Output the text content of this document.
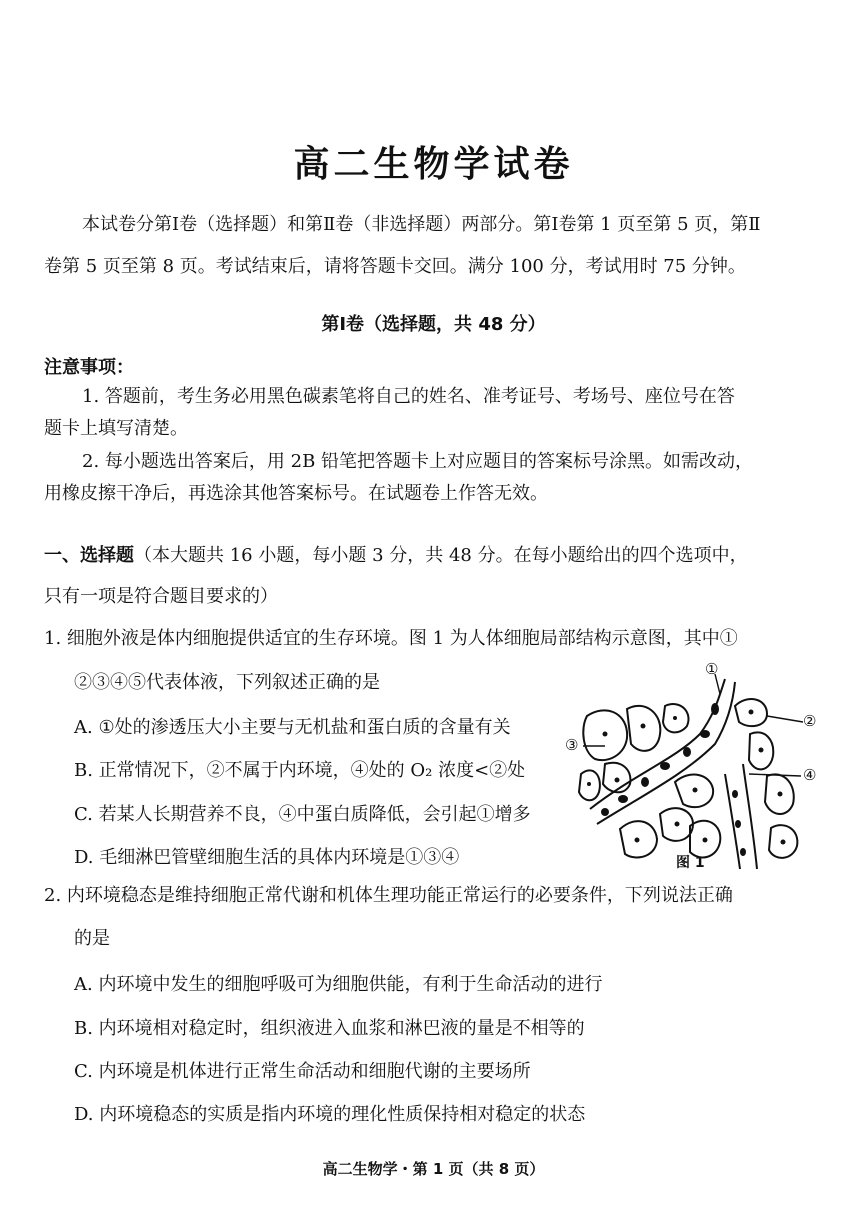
高二生物学试卷
本试卷分第Ⅰ卷（选择题）和第Ⅱ卷（非选择题）两部分。第Ⅰ卷第 1 页至第 5 页，第Ⅱ
卷第 5 页至第 8 页。考试结束后，请将答题卡交回。满分 100 分，考试用时 75 分钟。
第Ⅰ卷（选择题，共 48 分）
注意事项：
1. 答题前，考生务必用黑色碳素笔将自己的姓名、准考证号、考场号、座位号在答
题卡上填写清楚。
2. 每小题选出答案后，用 2B 铅笔把答题卡上对应题目的答案标号涂黑。如需改动，
用橡皮擦干净后，再选涂其他答案标号。在试题卷上作答无效。
一、选择题（本大题共 16 小题，每小题 3 分，共 48 分。在每小题给出的四个选项中，
只有一项是符合题目要求的）
1. 细胞外液是体内细胞提供适宜的生存环境。图 1 为人体细胞局部结构示意图，其中①
②③④⑤代表体液，下列叙述正确的是
A. ①处的渗透压大小主要与无机盐和蛋白质的含量有关
B. 正常情况下，②不属于内环境，④处的 O₂ 浓度<②处
C. 若某人长期营养不良，④中蛋白质降低，会引起①增多
D. 毛细淋巴管壁细胞生活的具体内环境是①③④
①
②
③
④
图 1
2. 内环境稳态是维持细胞正常代谢和机体生理功能正常运行的必要条件，下列说法正确
的是
A. 内环境中发生的细胞呼吸可为细胞供能，有利于生命活动的进行
B. 内环境相对稳定时，组织液进入血浆和淋巴液的量是不相等的
C. 内环境是机体进行正常生命活动和细胞代谢的主要场所
D. 内环境稳态的实质是指内环境的理化性质保持相对稳定的状态
高二生物学・第 1 页（共 8 页）
